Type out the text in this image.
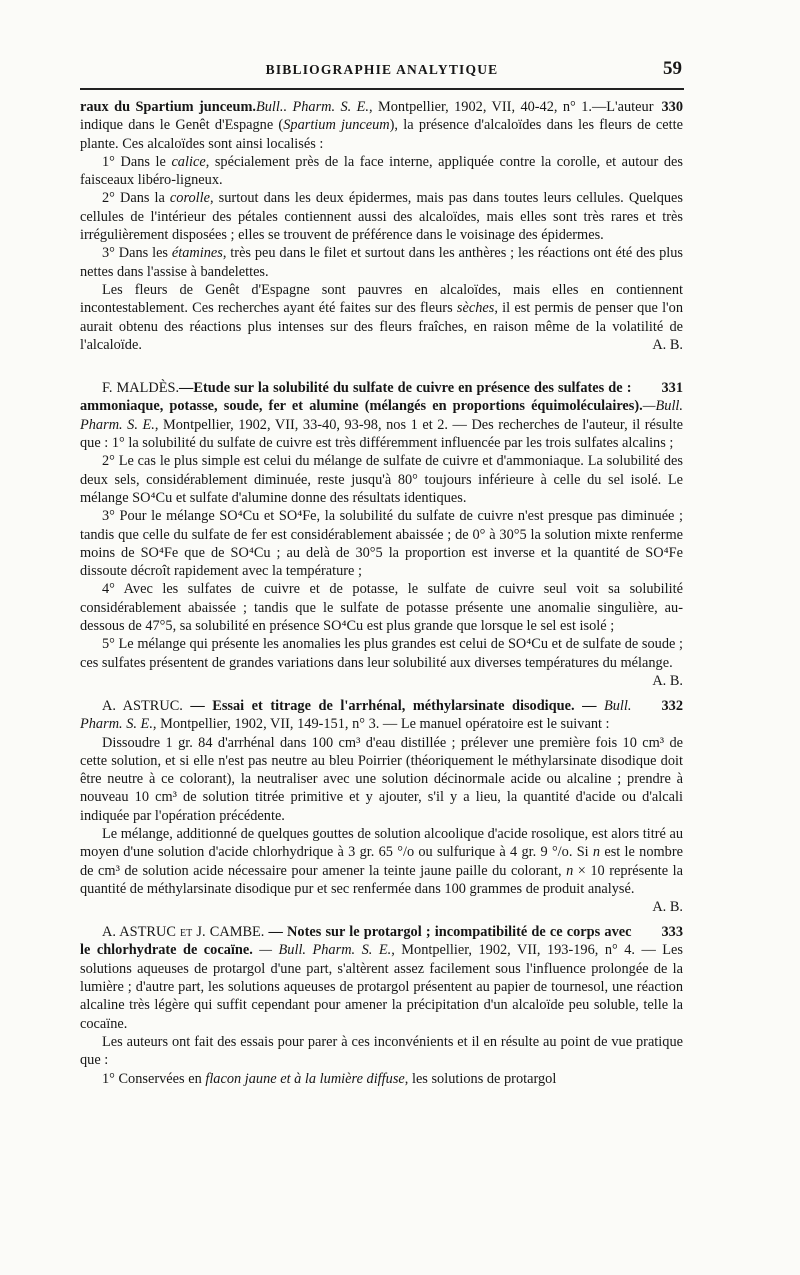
BIBLIOGRAPHIE ANALYTIQUE	59

330
raux du Spartium junceum.Bull.. Pharm. S. E., Montpellier, 1902, VII, 40-42, n° 1.—L'auteur indique dans le Genêt d'Espagne (Spartium junceum), la présence d'alcaloïdes dans les fleurs de cette plante. Ces alcaloïdes sont ainsi localisés :

1° Dans le calice, spécialement près de la face interne, appliquée contre la corolle, et autour des faisceaux libéro-ligneux.

2° Dans la corolle, surtout dans les deux épidermes, mais pas dans toutes leurs cellules. Quelques cellules de l'intérieur des pétales contiennent aussi des alcaloïdes, mais elles sont très rares et très irrégulièrement disposées ; elles se trouvent de préférence dans le voisinage des épidermes.

3° Dans les étamines, très peu dans le filet et surtout dans les anthères ; les réactions ont été des plus nettes dans l'assise à bandelettes.

Les fleurs de Genêt d'Espagne sont pauvres en alcaloïdes, mais elles en contiennent incontestablement. Ces recherches ayant été faites sur des fleurs sèches, il est permis de penser que l'on aurait obtenu des réactions plus intenses sur des fleurs fraîches, en raison même de la volatilité de l'alcaloïde.	A. B.

331
F. MALDÈS.—Etude sur la solubilité du sulfate de cuivre en présence des sulfates de : ammoniaque, potasse, soude, fer et alumine (mélangés en proportions équimoléculaires).—Bull. Pharm. S. E., Montpellier, 1902, VII, 33-40, 93-98, nos 1 et 2. — Des recherches de l'auteur, il résulte que : 1° la solubilité du sulfate de cuivre est très différemment influencée par les trois sulfates alcalins ;

2° Le cas le plus simple est celui du mélange de sulfate de cuivre et d'ammoniaque. La solubilité des deux sels, considérablement diminuée, reste jusqu'à 80° toujours inférieure à celle du sel isolé. Le mélange SO⁴Cu et sulfate d'alumine donne des résultats identiques.

3° Pour le mélange SO⁴Cu et SO⁴Fe, la solubilité du sulfate de cuivre n'est presque pas diminuée ; tandis que celle du sulfate de fer est considérablement abaissée ; de 0° à 30°5 la solution mixte renferme moins de SO⁴Fe que de SO⁴Cu ; au delà de 30°5 la proportion est inverse et la quantité de SO⁴Fe dissoute décroît rapidement avec la température ;

4° Avec les sulfates de cuivre et de potasse, le sulfate de cuivre seul voit sa solubilité considérablement abaissée ; tandis que le sulfate de potasse présente une anomalie singulière, au-dessous de 47°5, sa solubilité en présence SO⁴Cu est plus grande que lorsque le sel est isolé ;

5° Le mélange qui présente les anomalies les plus grandes est celui de SO⁴Cu et de sulfate de soude ; ces sulfates présentent de grandes variations dans leur solubilité aux diverses températures du mélange.
A. B.

332
A. ASTRUC. — Essai et titrage de l'arrhénal, méthylarsinate disodique. — Bull. Pharm. S. E., Montpellier, 1902, VII, 149-151, n° 3. — Le manuel opératoire est le suivant :

Dissoudre 1 gr. 84 d'arrhénal dans 100 cm³ d'eau distillée ; prélever une première fois 10 cm³ de cette solution, et si elle n'est pas neutre au bleu Poirrier (théoriquement le méthylarsinate disodique doit être neutre à ce colorant), la neutraliser avec une solution décinormale acide ou alcaline ; prendre à nouveau 10 cm³ de solution titrée primitive et y ajouter, s'il y a lieu, la quantité d'acide ou d'alcali indiquée par l'opération précédente.

Le mélange, additionné de quelques gouttes de solution alcoolique d'acide rosolique, est alors titré au moyen d'une solution d'acide chlorhydrique à 3 gr. 65 °/o ou sulfurique à 4 gr. 9 °/o. Si n est le nombre de cm³ de solution acide nécessaire pour amener la teinte jaune paille du colorant, n × 10 représente la quantité de méthylarsinate disodique pur et sec renfermée dans 100 grammes de produit analysé.
A. B.

333
A. ASTRUC et J. CAMBE. — Notes sur le protargol ; incompatibilité de ce corps avec le chlorhydrate de cocaïne. — Bull. Pharm. S. E., Montpellier, 1902, VII, 193-196, n° 4. — Les solutions aqueuses de protargol d'une part, s'altèrent assez facilement sous l'influence prolongée de la lumière ; d'autre part, les solutions aqueuses de protargol présentent au papier de tournesol, une réaction alcaline très légère qui suffit cependant pour amener la précipitation d'un alcaloïde peu soluble, telle la cocaïne.

Les auteurs ont fait des essais pour parer à ces inconvénients et il en résulte au point de vue pratique que :

1° Conservées en flacon jaune et à la lumière diffuse, les solutions de protargol
